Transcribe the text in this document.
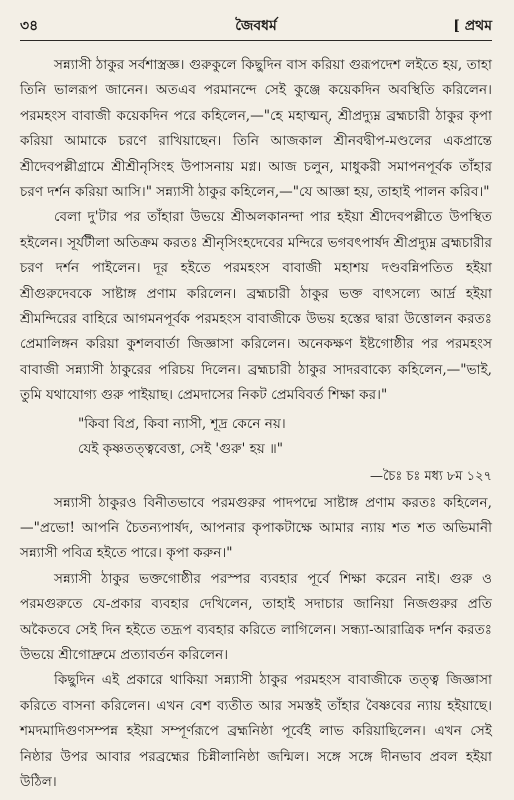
৩৪	জৈবধর্ম	[ প্রথম

সন্ন্যাসী ঠাকুর সর্বশাস্ত্রজ্ঞ। গুরুকুলে কিছুদিন বাস করিয়া গুরূপদেশ লইতে হয়, তাহা তিনি ভালরূপ জানেন। অতএব পরমানন্দে সেই কুঞ্জে কয়েকদিন অবস্থিতি করিলেন। পরমহংস বাবাজী কয়েকদিন পরে কহিলেন,—"হে মহাত্মন্, শ্রীপ্রদ্যুম্ন ব্রহ্মচারী ঠাকুর কৃপা করিয়া আমাকে চরণে রাখিয়াছেন। তিনি আজকাল শ্রীনবদ্বীপ-মণ্ডলের একপ্রান্তে শ্রীদেবপল্লীগ্রামে শ্রীশ্রীনৃসিংহ উপাসনায় মগ্ন। আজ চলুন, মাধুকরী সমাপনপূর্বক তাঁহার চরণ দর্শন করিয়া আসি।" সন্ন্যাসী ঠাকুর কহিলেন,—"যে আজ্ঞা হয়, তাহাই পালন করিব।"

বেলা দু'টার পর তাঁহারা উভয়ে শ্রীঅলকানন্দা পার হইয়া শ্রীদেবপল্লীতে উপস্থিত হইলেন। সূর্যটীলা অতিক্রম করতঃ শ্রীনৃসিংহদেবের মন্দিরে ভগবৎপার্ষদ শ্রীপ্রদ্যুম্ন ব্রহ্মচারীর চরণ দর্শন পাইলেন। দূর হইতে পরমহংস বাবাজী মহাশয় দণ্ডবন্নিপতিত হইয়া শ্রীগুরুদেবকে সাষ্টাঙ্গ প্রণাম করিলেন। ব্রহ্মচারী ঠাকুর ভক্ত বাৎসল্যে আর্দ্র হইয়া শ্রীমন্দিরের বাহিরে আগমনপূর্বক পরমহংস বাবাজীকে উভয় হস্তের দ্বারা উত্তোলন করতঃ প্রেমালিঙ্গন করিয়া কুশলবার্তা জিজ্ঞাসা করিলেন। অনেকক্ষণ ইষ্টগোষ্ঠীর পর পরমহংস বাবাজী সন্ন্যাসী ঠাকুরের পরিচয় দিলেন। ব্রহ্মচারী ঠাকুর সাদরবাক্যে কহিলেন,—"ভাই, তুমি যথাযোগ্য গুরু পাইয়াছ। প্রেমদাসের নিকট প্রেমবিবর্ত শিক্ষা কর।"

"কিবা বিপ্র, কিবা ন্যাসী, শূদ্র কেনে নয়।
যেই কৃষ্ণতত্ত্ববেত্তা, সেই 'গুরু' হয় ॥"
—চৈঃ চঃ মধ্য ৮ম ১২৭

সন্ন্যাসী ঠাকুরও বিনীতভাবে পরমগুরুর পাদপদ্মে সাষ্টাঙ্গ প্রণাম করতঃ কহিলেন,—"প্রভো! আপনি চৈতন্যপার্ষদ, আপনার কৃপাকটাক্ষে আমার ন্যায় শত শত অভিমানী সন্ন্যাসী পবিত্র হইতে পারে। কৃপা করুন।"

সন্ন্যাসী ঠাকুর ভক্তগোষ্ঠীর পরস্পর ব্যবহার পূর্বে শিক্ষা করেন নাই। গুরু ও পরমগুরুতে যে-প্রকার ব্যবহার দেখিলেন, তাহাই সদাচার জানিয়া নিজগুরুর প্রতি অকৈতবে সেই দিন হইতে তদ্রূপ ব্যবহার করিতে লাগিলেন। সন্ধ্যা-আরাত্রিক দর্শন করতঃ উভয়ে শ্রীগোদ্রুমে প্রত্যাবর্তন করিলেন।

কিছুদিন এই প্রকারে থাকিয়া সন্ন্যাসী ঠাকুর পরমহংস বাবাজীকে তত্ত্ব জিজ্ঞাসা করিতে বাসনা করিলেন। এখন বেশ ব্যতীত আর সমস্তই তাঁহার বৈষ্ণবের ন্যায় হইয়াছে। শমদমাদিগুণসম্পন্ন হইয়া সম্পূর্ণরূপে ব্রহ্মনিষ্ঠা পূর্বেই লাভ করিয়াছিলেন। এখন সেই নিষ্ঠার উপর আবার পরব্রহ্মের চিন্নীলানিষ্ঠা জন্মিল। সঙ্গে সঙ্গে দীনভাব প্রবল হইয়া উঠিল।
